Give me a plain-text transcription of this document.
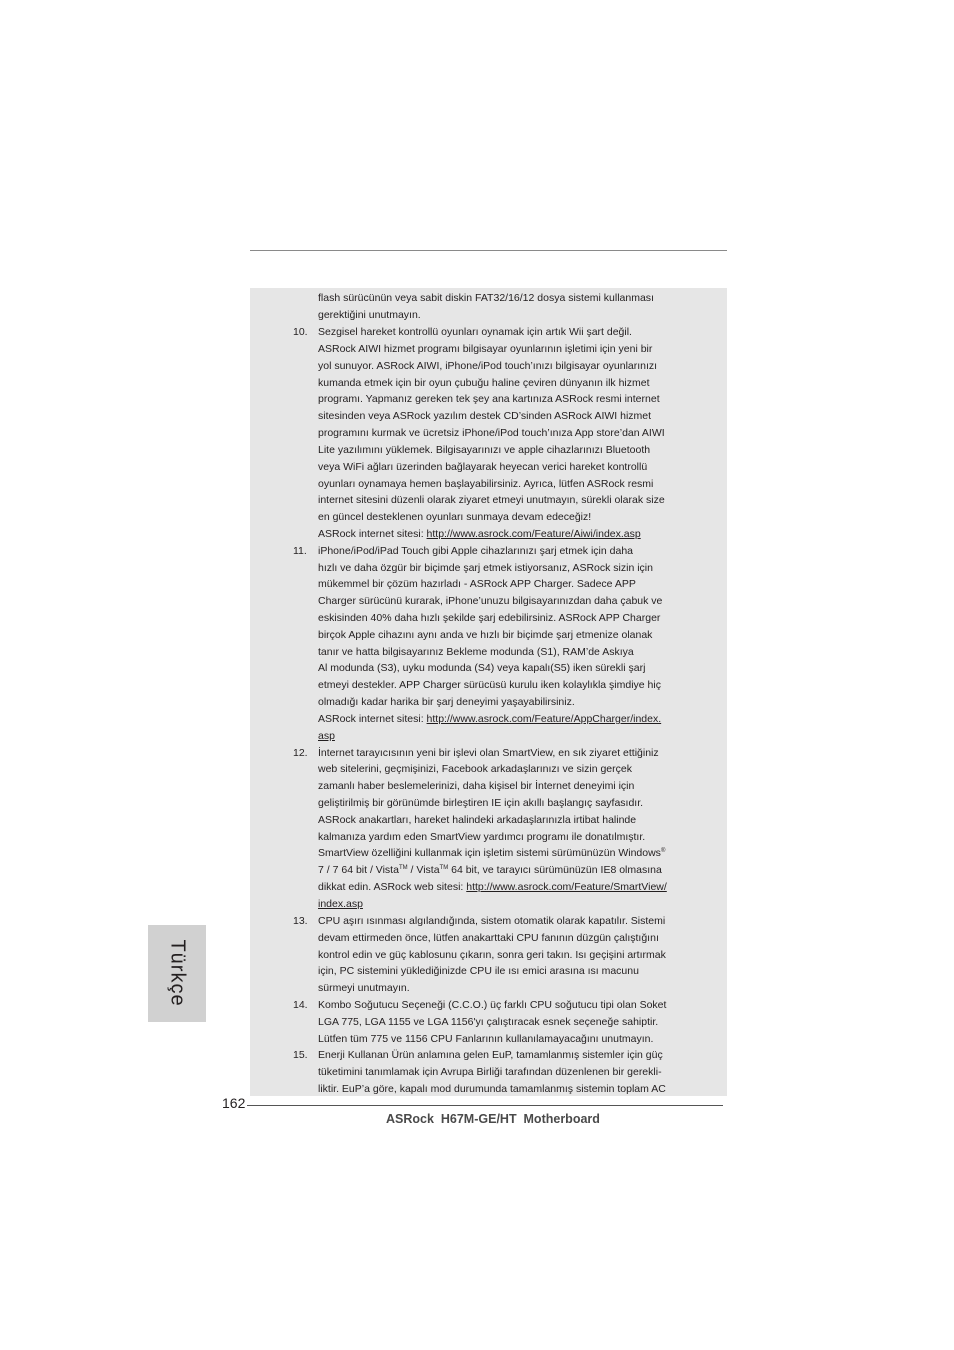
flash sürücünün veya sabit diskin FAT32/16/12 dosya sistemi kullanması
gerektiğini unutmayın.
10. Sezgisel hareket kontrollü oyunları oynamak için artık Wii şart değil.
ASRock AIWI hizmet programı bilgisayar oyunlarının işletimi için yeni bir
yol sunuyor. ASRock AIWI, iPhone/iPod touch’ınızı bilgisayar oyunlarınızı
kumanda etmek için bir oyun çubuğu haline çeviren dünyanın ilk hizmet
programı. Yapmanız gereken tek şey ana kartınıza ASRock resmi internet
sitesinden veya ASRock yazılım destek CD’sinden ASRock AIWI hizmet
programını kurmak ve ücretsiz iPhone/iPod touch’ınıza App store’dan AIWI
Lite yazılımını yüklemek. Bilgisayarınızı ve apple cihazlarınızı Bluetooth
veya WiFi ağları üzerinden bağlayarak heyecan verici hareket kontrollü
oyunları oynamaya hemen başlayabilirsiniz. Ayrıca, lütfen ASRock resmi
internet sitesini düzenli olarak ziyaret etmeyi unutmayın, sürekli olarak size
en güncel desteklenen oyunları sunmaya devam edeceğiz!
ASRock internet sitesi: http://www.asrock.com/Feature/Aiwi/index.asp
11. iPhone/iPod/iPad Touch gibi Apple cihazlarınızı şarj etmek için daha
hızlı ve daha özgür bir biçimde şarj etmek istiyorsanız, ASRock sizin için
mükemmel bir çözüm hazırladı - ASRock APP Charger. Sadece APP
Charger sürücünü kurarak, iPhone’unuzu bilgisayarınızdan daha çabuk ve
eskisinden 40% daha hızlı şekilde şarj edebilirsiniz. ASRock APP Charger
birçok Apple cihazını aynı anda ve hızlı bir biçimde şarj etmenize olanak
tanır ve hatta bilgisayarınız Bekleme modunda (S1), RAM’de Askıya
Al modunda (S3), uyku modunda (S4) veya kapalı(S5) iken sürekli şarj
etmeyi destekler. APP Charger sürücüsü kurulu iken kolaylıkla şimdiye hiç
olmadığı kadar harika bir şarj deneyimi yaşayabilirsiniz.
ASRock internet sitesi: http://www.asrock.com/Feature/AppCharger/index.
asp
12. İnternet tarayıcısının yeni bir işlevi olan SmartView, en sık ziyaret ettiğiniz
web sitelerini, geçmişinizi, Facebook arkadaşlarınızı ve sizin gerçek
zamanlı haber beslemelerinizi, daha kişisel bir İnternet deneyimi için
geliştirilmiş bir görünümde birleştiren IE için akıllı başlangıç sayfasıdır.
ASRock anakartları, hareket halindeki arkadaşlarınızla irtibat halinde
kalmanıza yardım eden SmartView yardımcı programı ile donatılmıştır.
SmartView özelliğini kullanmak için işletim sistemi sürümünüzün Windows®
7 / 7 64 bit / Vista™ / Vista™ 64 bit, ve tarayıcı sürümünüzün IE8 olmasına
dikkat edin. ASRock web sitesi: http://www.asrock.com/Feature/SmartView/
index.asp
13. CPU aşırı ısınması algılandığında, sistem otomatik olarak kapatılır. Sistemi
devam ettirmeden önce, lütfen anakarttaki CPU fanının düzgün çalıştığını
kontrol edin ve güç kablosunu çıkarın, sonra geri takın. Isı geçişini artırmak
için, PC sistemini yüklediğinizde CPU ile ısı emici arasına ısı macunu
sürmeyi unutmayın.
14. Kombo Soğutucu Seçeneği (C.C.O.) üç farklı CPU soğutucu tipi olan Soket
LGA 775, LGA 1155 ve LGA 1156'yı çalıştıracak esnek seçeneğe sahiptir.
Lütfen tüm 775 ve 1156 CPU Fanlarının kullanılamayacağını unutmayın.
15. Enerji Kullanan Ürün anlamına gelen EuP, tamamlanmış sistemler için güç
tüketimini tanımlamak için Avrupa Birliği tarafından düzenlenen bir gerekli-
liktir. EuP’a göre, kapalı mod durumunda tamamlanmış sistemin toplam AC
Türkçe
162
ASRock  H67M-GE/HT  Motherboard
